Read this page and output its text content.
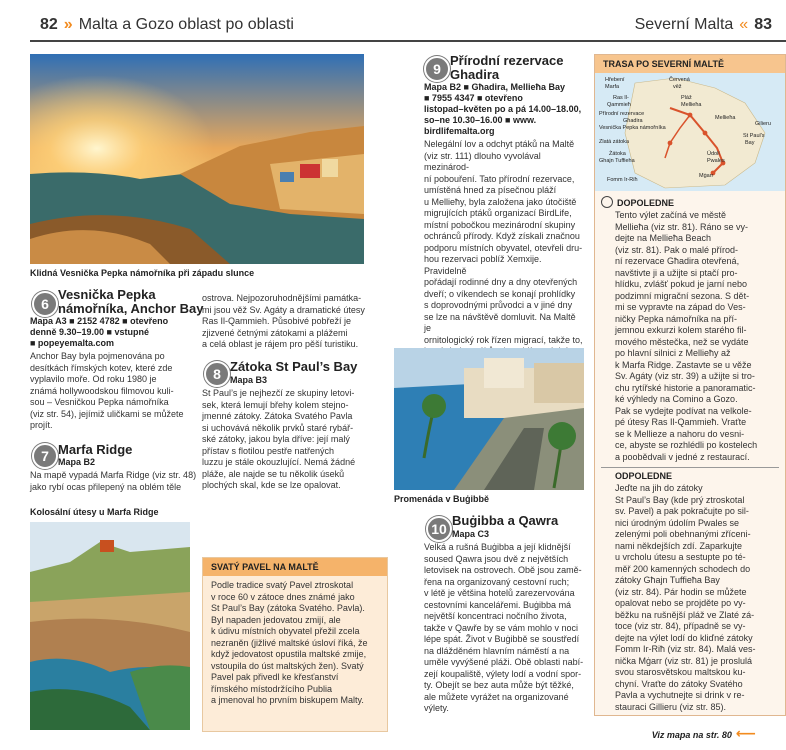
82 » Malta a Gozo oblast po oblasti	Severní Malta « 83
Klidná Vesnička Pepka námořníka při západu slunce
6
Vesnička Pepka
námořníka, Anchor Bay
Mapa A3 ■ 2152 4782 ■ otevřeno
denně 9.30–19.00 ■ vstupné
■ popeyemalta.com
Anchor Bay byla pojmenována po
desítkách římských kotev, které zde
vyplavilo moře. Od roku 1980 je
známá hollywoodskou filmovou kuli-
sou – Vesničkou Pepka námořníka
(viz str. 54), jejímiž uličkami se můžete
projít.
7 Marfa Ridge
Mapa B2
Na mapě vypadá Marfa Ridge (viz str. 48)
jako rybí ocas přilepený na oblém těle
Kolosální útesy u Marfa Ridge
ostrova. Nejpozoruhodnějšími památka-
mi jsou věž Sv. Agáty a dramatické útesy
Ras Il-Qammieh. Působivé pobřeží je
zjizvené četnými zátokami a plážemi
a celá oblast je rájem pro pěší turistiku.
8 Zátoka St Paul’s Bay
Mapa B3
St Paul’s je nejhezčí ze skupiny letovi-
sek, která lemují břehy kolem stejno-
jmenné zátoky. Zátoka Svatého Pavla
si uchovává několik prvků staré rybář-
ské zátoky, jakou byla dříve: její malý
přístav s flotilou pestře natřených
luzzu je stále okouzlující. Nemá žádné
pláže, ale najde se tu několik úseků
plochých skal, kde se lze opalovat.
SVATÝ PAVEL NA MALTĚ
Podle tradice svatý Pavel ztroskotal
v roce 60 v zátoce dnes známé jako
St Paul’s Bay (zátoka Svatého. Pavla).
Byl napaden jedovatou zmijí, ale
k údivu místních obyvatel přežil zcela
nezraněn (jižlivé maltské úsloví říká, že
když jedovatost opustila maltské zmije,
vstoupila do úst maltských žen). Svatý
Pavel pak přivedl ke křesťanství
římského místodržícího Publia
a jmenoval ho prvním biskupem Malty.
9
Přírodní rezervace
Ghadira
Mapa B2 ■ Għadira, Mellieħa Bay
■ 7955 4347 ■ otevřeno
listopad–květen po a pá 14.00–18.00,
so–ne 10.30–16.00 ■ www.
birdlifemalta.org
Nelegální lov a odchyt ptáků na Maltě
(viz str. 111) dlouho vyvolával mezinárod-
ní pobouření. Tato přírodní rezervace,
umístěná hned za písečnou pláží
u Mellieħy, byla založena jako útočiště
migrujících ptáků organizací BirdLife,
místní pobočkou mezinárodní skupiny
ochránců přírody. Když získali značnou
podporu místních obyvatel, otevřeli dru-
hou rezervaci poblíž Xemxije. Pravidelně
pořádají rodinné dny a dny otevřených
dveří; o víkendech se konají prohlídky
s doprovodnými průvodci a v jiné dny
se lze na návštěvě domluvit. Na Maltě je
ornitologický rok řízen migrací, takže to,
Promenáda v Buġibbě
10
Buġibba a Qawra
Mapa C3
Velká a rušná Buġibba a její klidnější
soused Qawra jsou dvě z největších
letovisek na ostrovech. Obě jsou zamě-
řena na organizovaný cestovní ruch;
v létě je většina hotelů zarezervována
cestovními kancelářemi. Buġibba má
největší koncentraci nočního života,
takže v Qawře by se vám mohlo v noci
lépe spát. Život v Buġibbě se soustředí
na dlážděném hlavním náměstí a na
uměle vyvýšené pláži. Obě oblasti nabí-
zejí koupaliště, výlety lodí a vodní spor-
ty. Obejít se bez auta může být těžké,
ale můžete vyrážet na organizované
výlety.
TRASA PO SEVERNÍ MALTĚ
Hřebení
Marfa
Červená
věž
Pláž
Mellieħa
Ras Il-
Qammieħ
Přírodní rezervace
Għadira	Mellieħa
Vesnička Pepka námořníka
Zlatá zátoka
Żátoka
Ghajn Tuffieha
St Paul's
Bay
Údolí
Pwales
Mġarr
Fomm Ir-Riħ
Gilieru
DOPOLEDNE
Tento výlet začíná ve městě
Mellieħa (viz str. 81). Ráno se vy-
dejte na Mellieħa Beach
(viz str. 81). Pak o malé přírod-
ní rezervace Għadira otevřená,
navštivte ji a užijte si ptačí pro-
hlídku, zvlášť pokud je jarní nebo
podzimní migrační sezona. S dět-
mi se vypravte na západ do Ves-
ničky Pepka námořníka na pří-
jemnou exkurzi kolem starého fil-
mového městečka, než se vydáte
po hlavní silnici z Mellieħy až
k Marfa Ridge. Zastavte se u věže
Sv. Agáty (viz str. 39) a užijte si tro-
chu rytířské historie a panoramatic-
ké výhledy na Comino a Gozo.
Pak se vydejte podívat na velkole-
pé útesy Ras Il-Qammieħ. Vraťte
se k Mellieze a nahoru do vesni-
ce, abyste se rozhlédli po kostelech
a poobědvali v jedné z restaurací.
ODPOLEDNE
Jeďte na jih do zátoky
St Paul’s Bay (kde prý ztroskotal
sv. Pavel) a pak pokračujte po sil-
nici úrodným údolím Pwales se
zelenými poli obehnanými zříceni-
nami někdejších zdí. Zaparkujte
u vrcholu útesu a sestupte po té-
měř 200 kamenných schodech do
zátoky Għajn Tuffieħa Bay
(viz str. 84). Pár hodin se můžete
opalovat nebo se projděte po vy-
běžku na rušnější pláž ve Zlaté zá-
toce (viz str. 84), případně se vy-
dejte na výlet lodí do kliďné zátoky
Fomm Ir-Riħ (viz str. 84). Malá ves-
nička Mġarr (viz str. 81) je proslulá
svou starosvětskou maltskou ku-
chyní. Vraťte do zátoky Svatého
Pavla a vychutnejte si drink v re-
stauraci Gillieru (viz str. 85).
Viz mapa na str. 80 ⟵
